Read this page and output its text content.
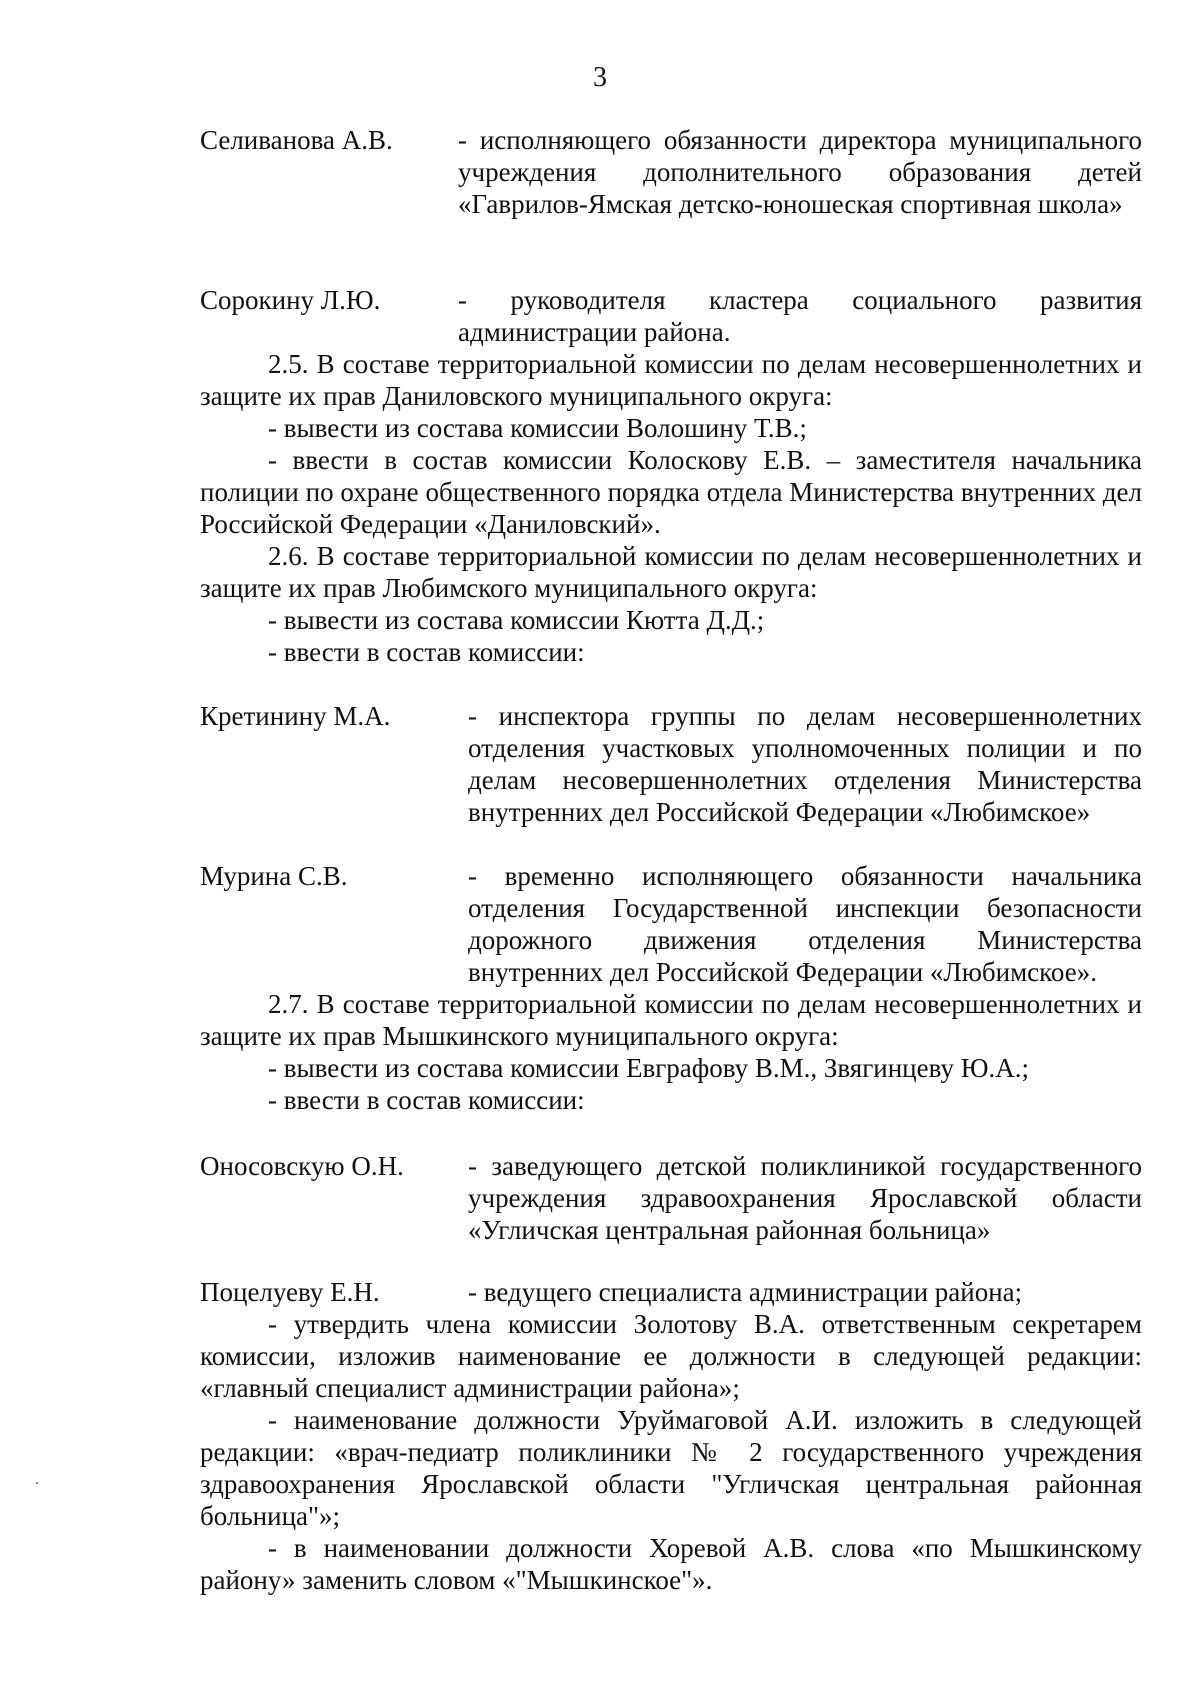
3
Селиванова А.В. - исполняющего обязанности директора муниципального учреждения дополнительного образования детей «Гаврилов-Ямская детско-юношеская спортивная школа»
Сорокину Л.Ю.	- руководителя кластера социального развития администрации района.

2.5. В составе территориальной комиссии по делам несовершеннолетних и защите их прав Даниловского муниципального округа:

- вывести из состава комиссии Волошину Т.В.;

- ввести в состав комиссии Колоскову Е.В. – заместителя начальника полиции по охране общественного порядка отдела Министерства внутренних дел Российской Федерации «Даниловский».

2.6. В составе территориальной комиссии по делам несовершеннолетних и защите их прав Любимского муниципального округа:

- вывести из состава комиссии Кютта Д.Д.;
- ввести в состав комиссии:
Кретинину М.А.	- инспектора группы по делам несовершеннолетних отделения участковых уполномоченных полиции и по делам несовершеннолетних отделения Министерства внутренних дел Российской Федерации «Любимское»
Мурина С.В.	- временно исполняющего обязанности начальника отделения Государственной инспекции безопасности дорожного движения отделения Министерства внутренних дел Российской Федерации «Любимское».

2.7. В составе территориальной комиссии по делам несовершеннолетних и защите их прав Мышкинского муниципального округа:

- вывести из состава комиссии Евграфову В.М., Звягинцеву Ю.А.;
- ввести в состав комиссии:
Оносовскую О.Н. - заведующего детской поликлиникой государственного учреждения здравоохранения Ярославской области «Угличская центральная районная больница»
Поцелуеву Е.Н.	- ведущего специалиста администрации района;

- утвердить члена комиссии Золотову В.А. ответственным секретарем комиссии, изложив наименование ее должности в следующей редакции: «главный специалист администрации района»;

- наименование должности Уруймаговой А.И. изложить в следующей редакции: «врач-педиатр поликлиники № 2 государственного учреждения здравоохранения Ярославской области "Угличская центральная районная больница"»;

- в наименовании должности Хоревой А.В. слова «по Мышкинскому району» заменить словом «"Мышкинское"».
